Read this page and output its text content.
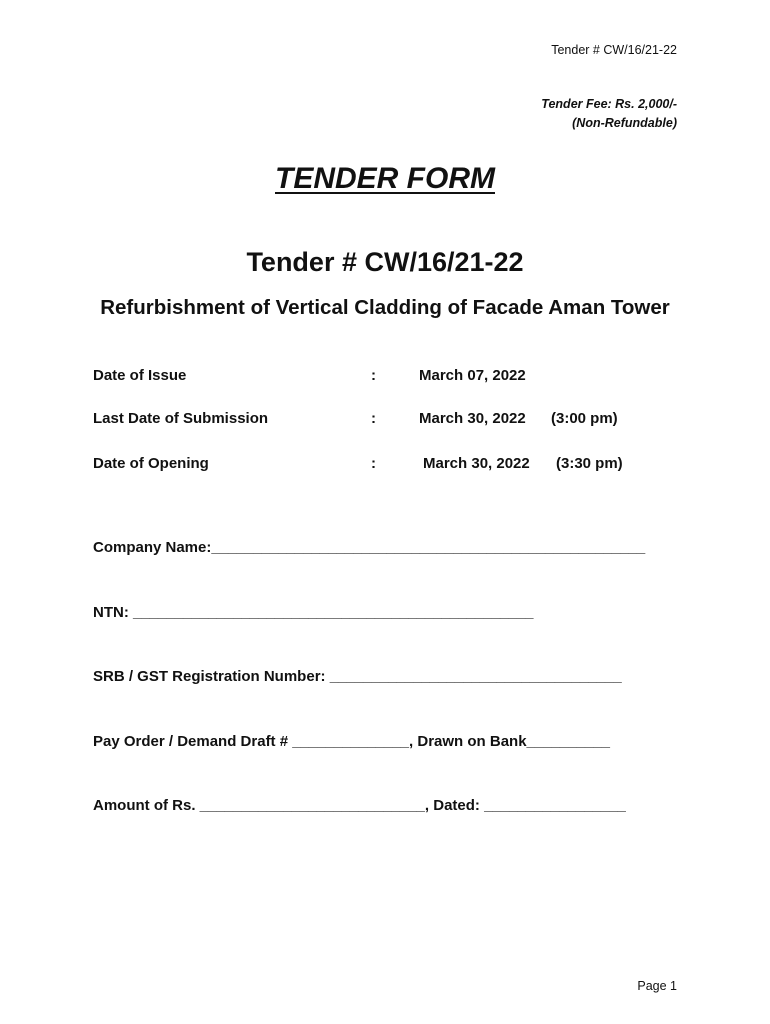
Tender # CW/16/21-22
Tender Fee: Rs. 2,000/-
(Non-Refundable)
TENDER FORM
Tender # CW/16/21-22
Refurbishment of Vertical Cladding of Facade Aman Tower
Date of Issue	:	March 07, 2022
Last Date of Submission	:	March 30, 2022 (3:00 pm)
Date of Opening	:	March 30, 2022 (3:30 pm)
Company Name:____________________________________________________
NTN: ________________________________________________
SRB / GST Registration Number: ___________________________________
Pay Order / Demand Draft # ______________, Drawn on Bank__________
Amount of Rs. ___________________________, Dated: _________________
Page 1
